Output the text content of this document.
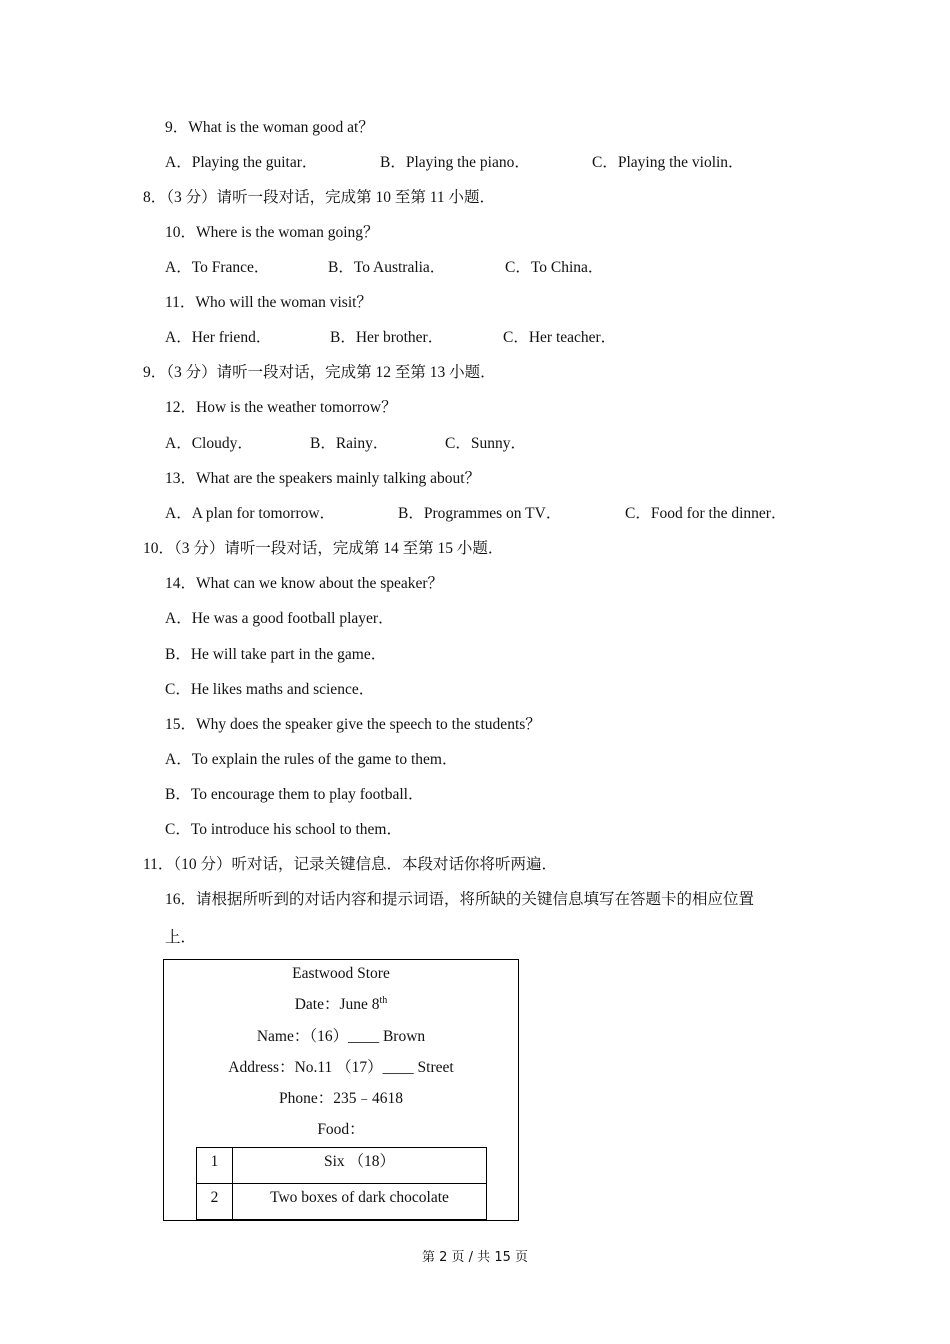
9．What is the woman good at？
A．Playing the guitar．	B．Playing the piano．	C．Playing the violin．
8．（3 分）请听一段对话，完成第 10 至第 11 小题．
10．Where is the woman going？
A．To France．	B．To Australia．	C．To China．
11．Who will the woman visit？
A．Her friend．	B．Her brother．	C．Her teacher．
9．（3 分）请听一段对话，完成第 12 至第 13 小题．
12．How is the weather tomorrow？
A．Cloudy．	B．Rainy．	C．Sunny．
13．What are the speakers mainly talking about？
A．A plan for tomorrow．	B．Programmes on TV．	C．Food for the dinner．
10．（3 分）请听一段对话，完成第 14 至第 15 小题．
14．What can we know about the speaker？
A．He was a good football player．
B．He will take part in the game．
C．He likes maths and science．
15．Why does the speaker give the speech to the students？
A．To explain the rules of the game to them．
B．To encourage them to play football．
C．To introduce his school to them．
11．（10 分）听对话，记录关键信息．本段对话你将听两遍．
16．请根据所听到的对话内容和提示词语，将所缺的关键信息填写在答题卡的相应位置
上．
Eastwood Store
Date：June 8th
Name：（16）____ Brown
Address：No.11 （17）____ Street
Phone：235﹣4618
Food：
1	Six （18）
2	Two boxes of dark chocolate
第 2 页 / 共 15 页
